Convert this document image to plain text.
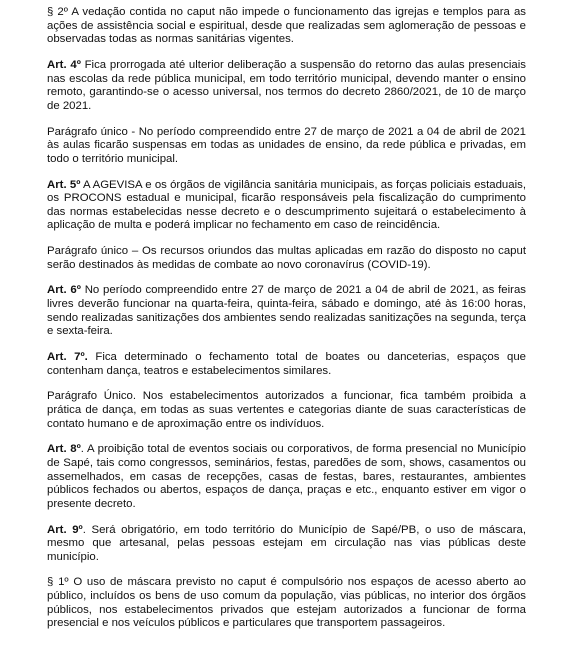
§ 2º A vedação contida no caput não impede o funcionamento das igrejas e templos para as ações de assistência social e espiritual, desde que realizadas sem aglomeração de pessoas e observadas todas as normas sanitárias vigentes.

Art. 4º Fica prorrogada até ulterior deliberação a suspensão do retorno das aulas presenciais nas escolas da rede pública municipal, em todo território municipal, devendo manter o ensino remoto, garantindo-se o acesso universal, nos termos do decreto 2860/2021, de 10 de março de 2021.

Parágrafo único - No período compreendido entre 27 de março de 2021 a 04 de abril de 2021 às aulas ficarão suspensas em todas as unidades de ensino, da rede pública e privadas, em todo o território municipal.

Art. 5º A AGEVISA e os órgãos de vigilância sanitária municipais, as forças policiais estaduais, os PROCONS estadual e municipal, ficarão responsáveis pela fiscalização do cumprimento das normas estabelecidas nesse decreto e o descumprimento sujeitará o estabelecimento à aplicação de multa e poderá implicar no fechamento em caso de reincidência.

Parágrafo único – Os recursos oriundos das multas aplicadas em razão do disposto no caput serão destinados às medidas de combate ao novo coronavírus (COVID-19).

Art. 6º No período compreendido entre 27 de março de 2021 a 04 de abril de 2021, as feiras livres deverão funcionar na quarta-feira, quinta-feira, sábado e domingo, até às 16:00 horas, sendo realizadas sanitizações dos ambientes sendo realizadas sanitizações na segunda, terça e sexta-feira.

Art. 7º. Fica determinado o fechamento total de boates ou danceterias, espaços que contenham dança, teatros e estabelecimentos similares.

Parágrafo Único. Nos estabelecimentos autorizados a funcionar, fica também proibida a prática de dança, em todas as suas vertentes e categorias diante de suas características de contato humano e de aproximação entre os indivíduos.

Art. 8º. A proibição total de eventos sociais ou corporativos, de forma presencial no Município de Sapé, tais como congressos, seminários, festas, paredões de som, shows, casamentos ou assemelhados, em casas de recepções, casas de festas, bares, restaurantes, ambientes públicos fechados ou abertos, espaços de dança, praças e etc., enquanto estiver em vigor o presente decreto.

Art. 9º. Será obrigatório, em todo território do Município de Sapé/PB, o uso de máscara, mesmo que artesanal, pelas pessoas estejam em circulação nas vias públicas deste município.

§ 1º O uso de máscara previsto no caput é compulsório nos espaços de acesso aberto ao público, incluídos os bens de uso comum da população, vias públicas, no interior dos órgãos públicos, nos estabelecimentos privados que estejam autorizados a funcionar de forma presencial e nos veículos públicos e particulares que transportem passageiros.
